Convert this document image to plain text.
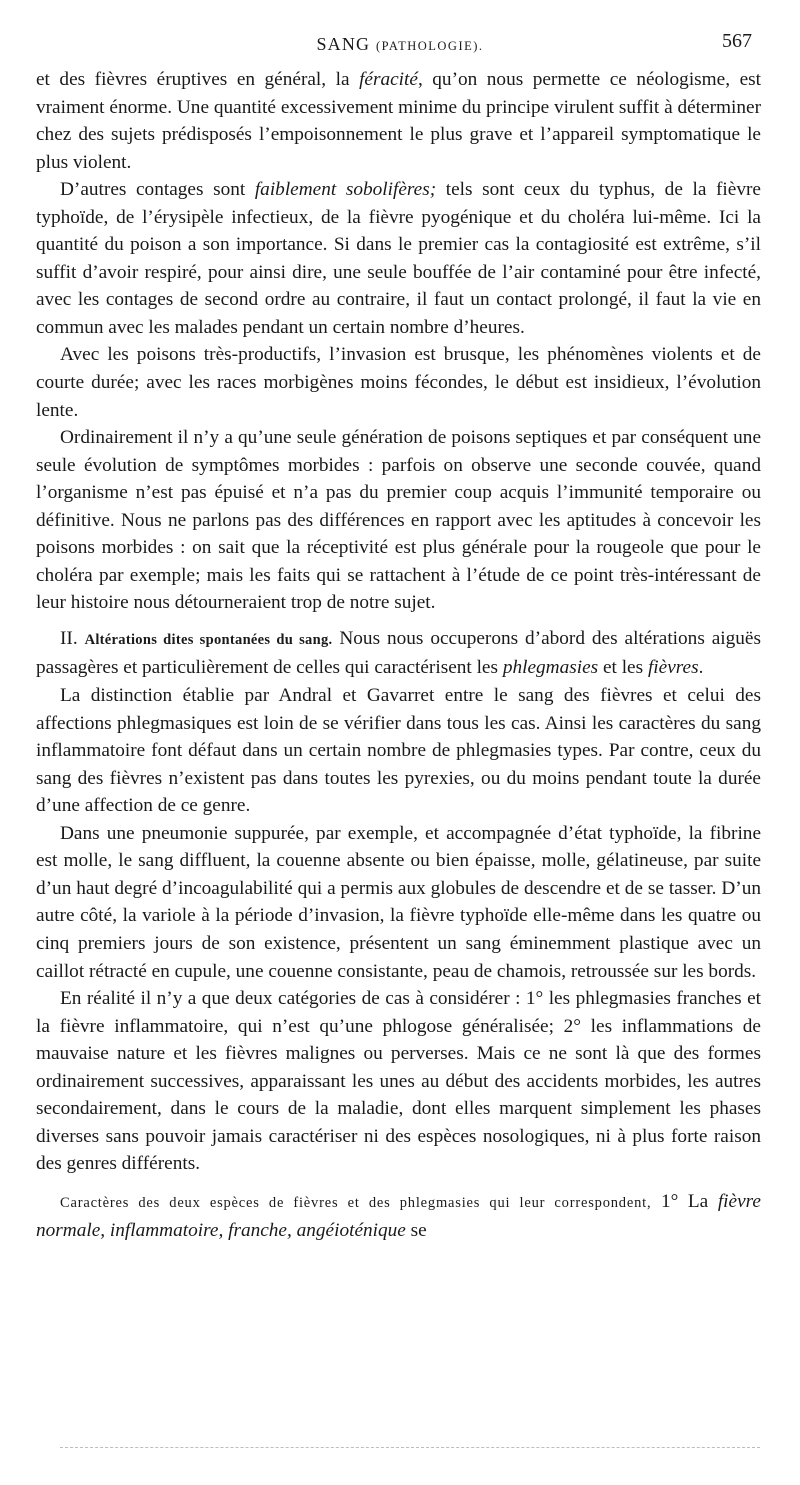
SANG (PATHOLOGIE).	567

et des fièvres éruptives en général, la féracité, qu’on nous permette ce néologisme, est vraiment énorme. Une quantité excessivement minime du principe virulent suffit à déterminer chez des sujets prédisposés l’empoisonnement le plus grave et l’appareil symptomatique le plus violent.

D’autres contages sont faiblement sobolifères; tels sont ceux du typhus, de la fièvre typhoïde, de l’érysipèle infectieux, de la fièvre pyogénique et du choléra lui-même. Ici la quantité du poison a son importance. Si dans le premier cas la contagiosité est extrême, s’il suffit d’avoir respiré, pour ainsi dire, une seule bouffée de l’air contaminé pour être infecté, avec les contages de second ordre au contraire, il faut un contact prolongé, il faut la vie en commun avec les malades pendant un certain nombre d’heures.

Avec les poisons très-productifs, l’invasion est brusque, les phénomènes violents et de courte durée; avec les races morbigènes moins fécondes, le début est insidieux, l’évolution lente.

Ordinairement il n’y a qu’une seule génération de poisons septiques et par conséquent une seule évolution de symptômes morbides : parfois on observe une seconde couvée, quand l’organisme n’est pas épuisé et n’a pas du premier coup acquis l’immunité temporaire ou définitive. Nous ne parlons pas des différences en rapport avec les aptitudes à concevoir les poisons morbides : on sait que la réceptivité est plus générale pour la rougeole que pour le choléra par exemple; mais les faits qui se rattachent à l’étude de ce point très-intéressant de leur histoire nous détourneraient trop de notre sujet.

II. Altérations dites spontanées du sang. Nous nous occuperons d’abord des altérations aiguës passagères et particulièrement de celles qui caractérisent les phlegmasies et les fièvres.

La distinction établie par Andral et Gavarret entre le sang des fièvres et celui des affections phlegmasiques est loin de se vérifier dans tous les cas. Ainsi les caractères du sang inflammatoire font défaut dans un certain nombre de phlegmasies types. Par contre, ceux du sang des fièvres n’existent pas dans toutes les pyrexies, ou du moins pendant toute la durée d’une affection de ce genre.

Dans une pneumonie suppurée, par exemple, et accompagnée d’état typhoïde, la fibrine est molle, le sang diffluent, la couenne absente ou bien épaisse, molle, gélatineuse, par suite d’un haut degré d’incoagulabilité qui a permis aux globules de descendre et de se tasser. D’un autre côté, la variole à la période d’invasion, la fièvre typhoïde elle-même dans les quatre ou cinq premiers jours de son existence, présentent un sang éminemment plastique avec un caillot rétracté en cupule, une couenne consistante, peau de chamois, retroussée sur les bords.

En réalité il n’y a que deux catégories de cas à considérer : 1° les phlegmasies franches et la fièvre inflammatoire, qui n’est qu’une phlogose généralisée; 2° les inflammations de mauvaise nature et les fièvres malignes ou perverses. Mais ce ne sont là que des formes ordinairement successives, apparaissant les unes au début des accidents morbides, les autres secondairement, dans le cours de la maladie, dont elles marquent simplement les phases diverses sans pouvoir jamais caractériser ni des espèces nosologiques, ni à plus forte raison des genres différents.

Caractères des deux espèces de fièvres et des phlegmasies qui leur correspondent, 1° La fièvre normale, inflammatoire, franche, angéioténique se
